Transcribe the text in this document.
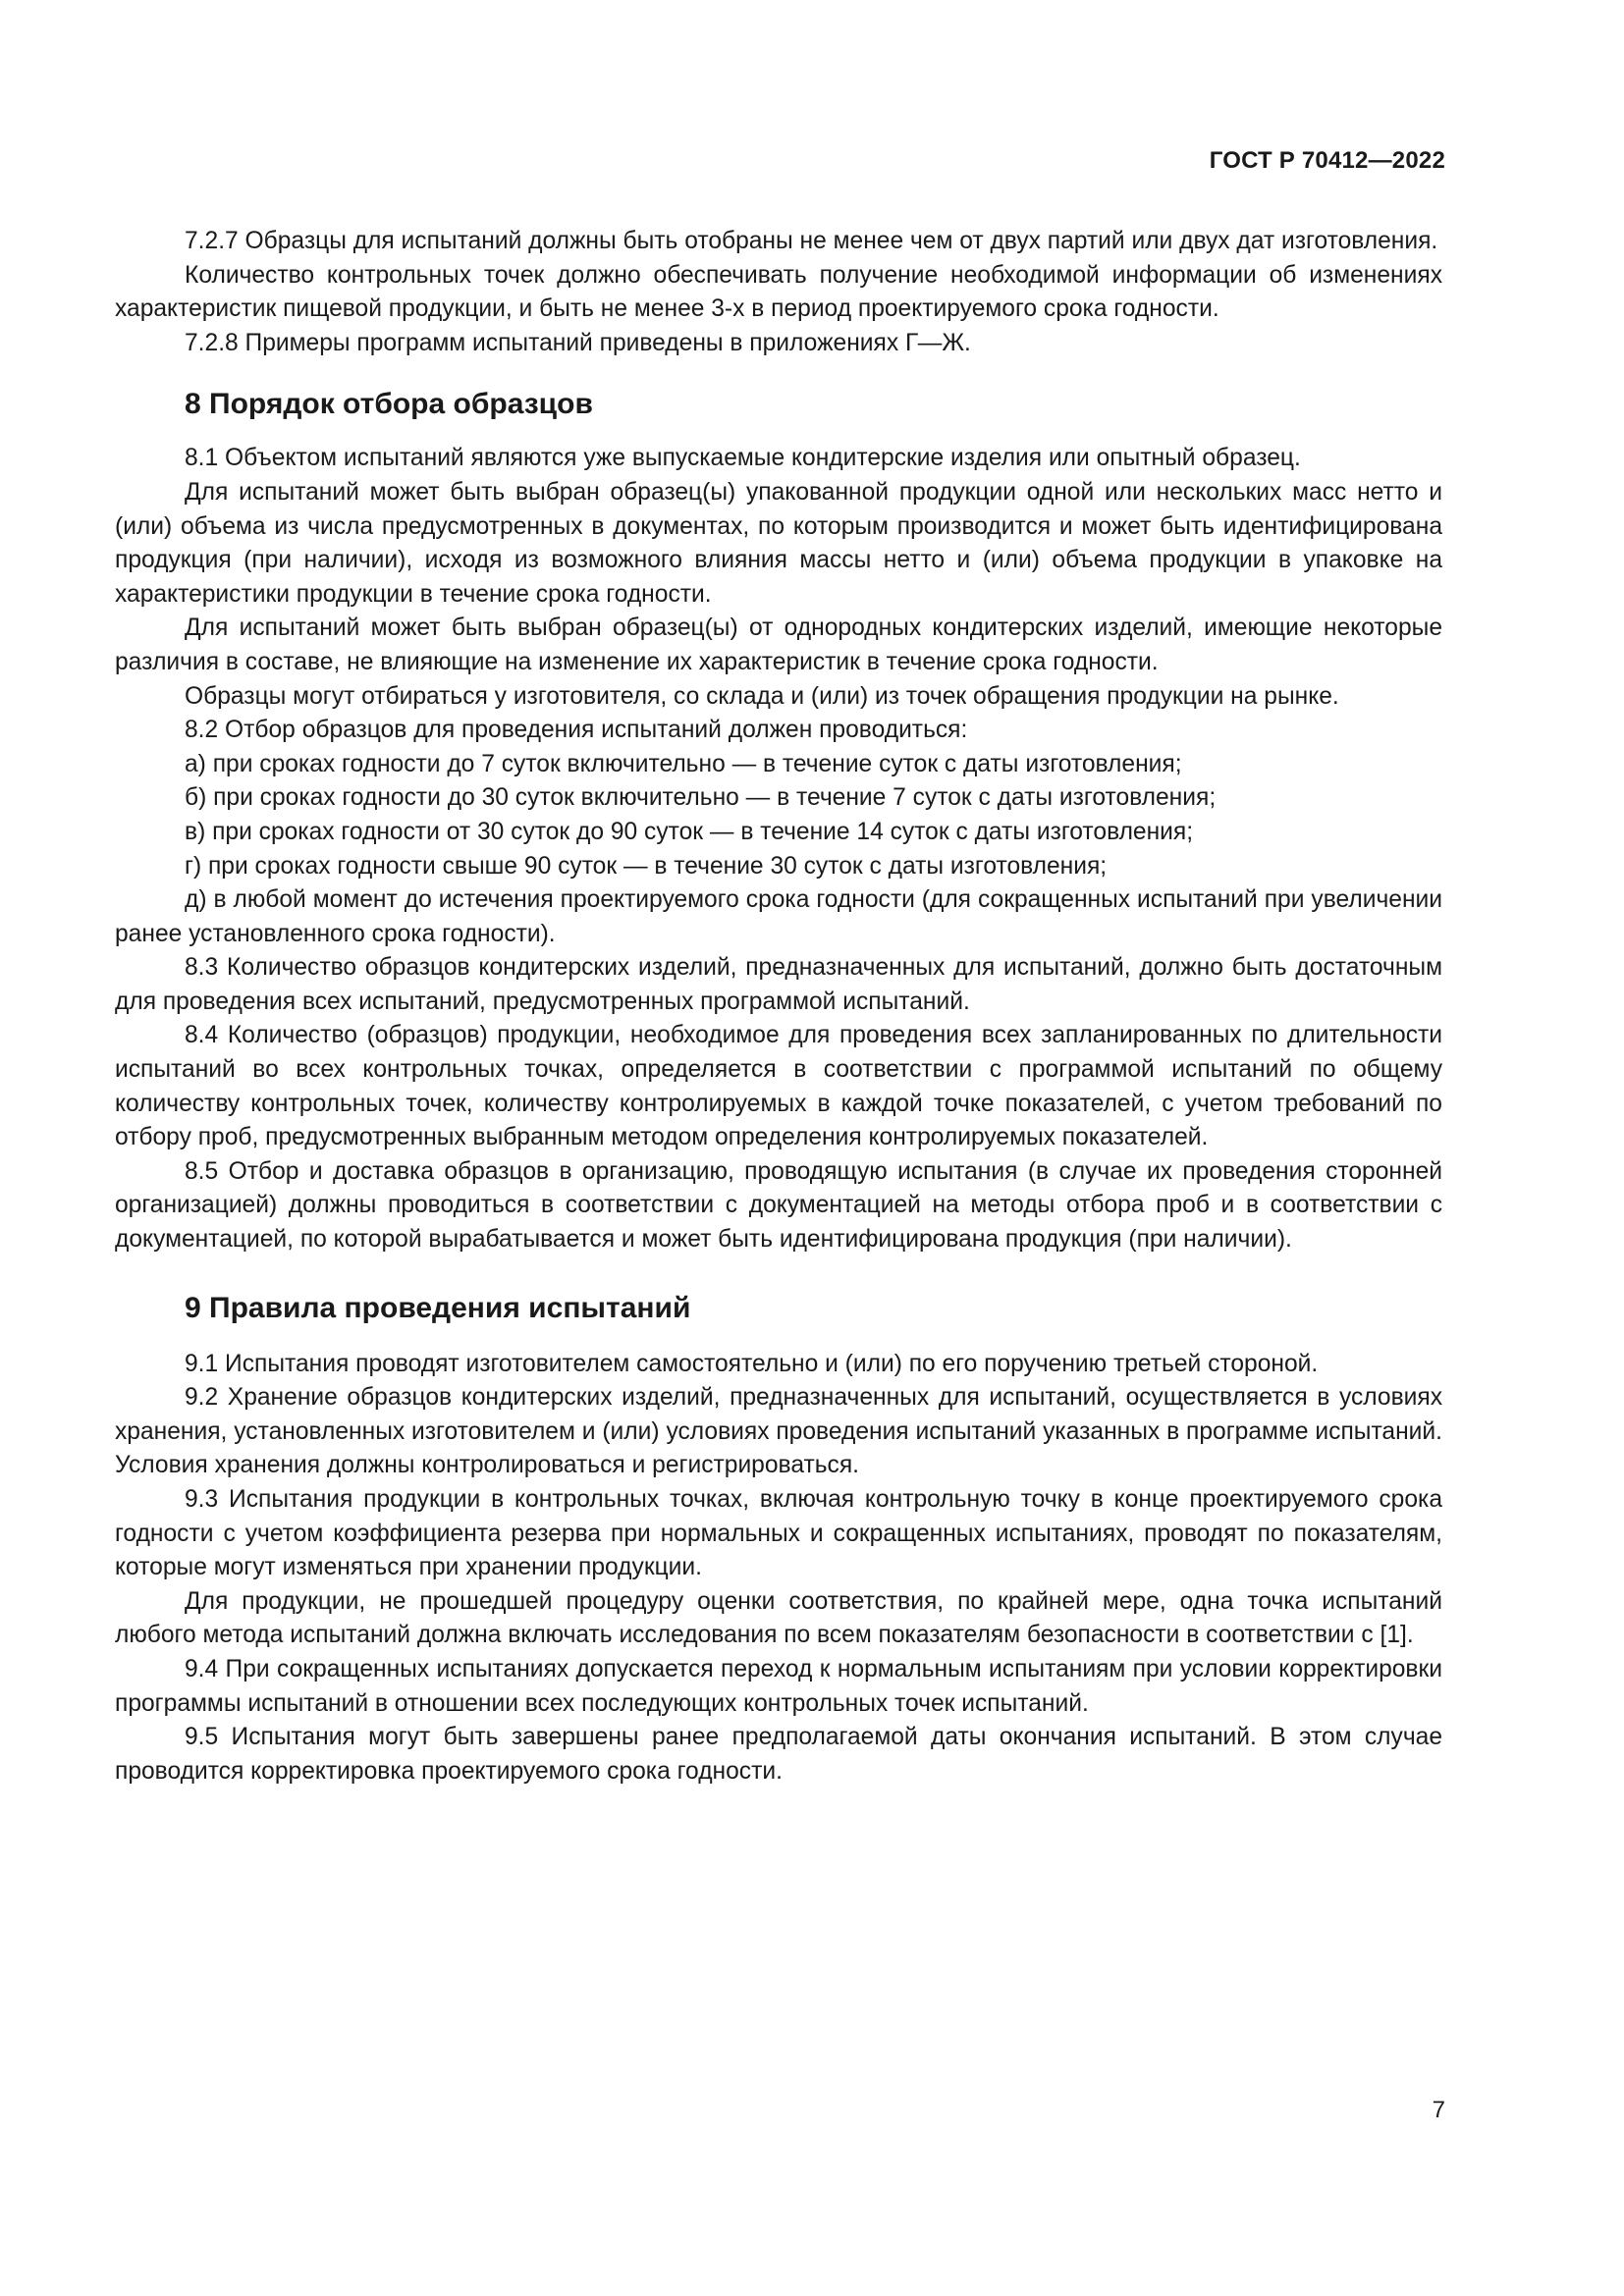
ГОСТ Р 70412—2022

7.2.7 Образцы для испытаний должны быть отобраны не менее чем от двух партий или двух дат изготовления.

Количество контрольных точек должно обеспечивать получение необходимой информации об изменениях характеристик пищевой продукции, и быть не менее 3-х в период проектируемого срока годности.

7.2.8 Примеры программ испытаний приведены в приложениях Г—Ж.

8 Порядок отбора образцов

8.1 Объектом испытаний являются уже выпускаемые кондитерские изделия или опытный образец.

Для испытаний может быть выбран образец(ы) упакованной продукции одной или нескольких масс нетто и (или) объема из числа предусмотренных в документах, по которым производится и может быть идентифицирована продукция (при наличии), исходя из возможного влияния массы нетто и (или) объема продукции в упаковке на характеристики продукции в течение срока годности.

Для испытаний может быть выбран образец(ы) от однородных кондитерских изделий, имеющие некоторые различия в составе, не влияющие на изменение их характеристик в течение срока годности.

Образцы могут отбираться у изготовителя, со склада и (или) из точек обращения продукции на рынке.

8.2 Отбор образцов для проведения испытаний должен проводиться:

а) при сроках годности до 7 суток включительно — в течение суток с даты изготовления;

б) при сроках годности до 30 суток включительно — в течение 7 суток с даты изготовления;

в) при сроках годности от 30 суток до 90 суток — в течение 14 суток с даты изготовления;

г) при сроках годности свыше 90 суток — в течение 30 суток с даты изготовления;

д) в любой момент до истечения проектируемого срока годности (для сокращенных испытаний при увеличении ранее установленного срока годности).

8.3 Количество образцов кондитерских изделий, предназначенных для испытаний, должно быть достаточным для проведения всех испытаний, предусмотренных программой испытаний.

8.4 Количество (образцов) продукции, необходимое для проведения всех запланированных по длительности испытаний во всех контрольных точках, определяется в соответствии с программой испытаний по общему количеству контрольных точек, количеству контролируемых в каждой точке показателей, с учетом требований по отбору проб, предусмотренных выбранным методом определения контролируемых показателей.

8.5 Отбор и доставка образцов в организацию, проводящую испытания (в случае их проведения сторонней организацией) должны проводиться в соответствии с документацией на методы отбора проб и в соответствии с документацией, по которой вырабатывается и может быть идентифицирована продукция (при наличии).

9 Правила проведения испытаний

9.1 Испытания проводят изготовителем самостоятельно и (или) по его поручению третьей стороной.

9.2 Хранение образцов кондитерских изделий, предназначенных для испытаний, осуществляется в условиях хранения, установленных изготовителем и (или) условиях проведения испытаний указанных в программе испытаний. Условия хранения должны контролироваться и регистрироваться.

9.3 Испытания продукции в контрольных точках, включая контрольную точку в конце проектируемого срока годности с учетом коэффициента резерва при нормальных и сокращенных испытаниях, проводят по показателям, которые могут изменяться при хранении продукции.

Для продукции, не прошедшей процедуру оценки соответствия, по крайней мере, одна точка испытаний любого метода испытаний должна включать исследования по всем показателям безопасности в соответствии с [1].

9.4 При сокращенных испытаниях допускается переход к нормальным испытаниям при условии корректировки программы испытаний в отношении всех последующих контрольных точек испытаний.

9.5 Испытания могут быть завершены ранее предполагаемой даты окончания испытаний. В этом случае проводится корректировка проектируемого срока годности.

7
